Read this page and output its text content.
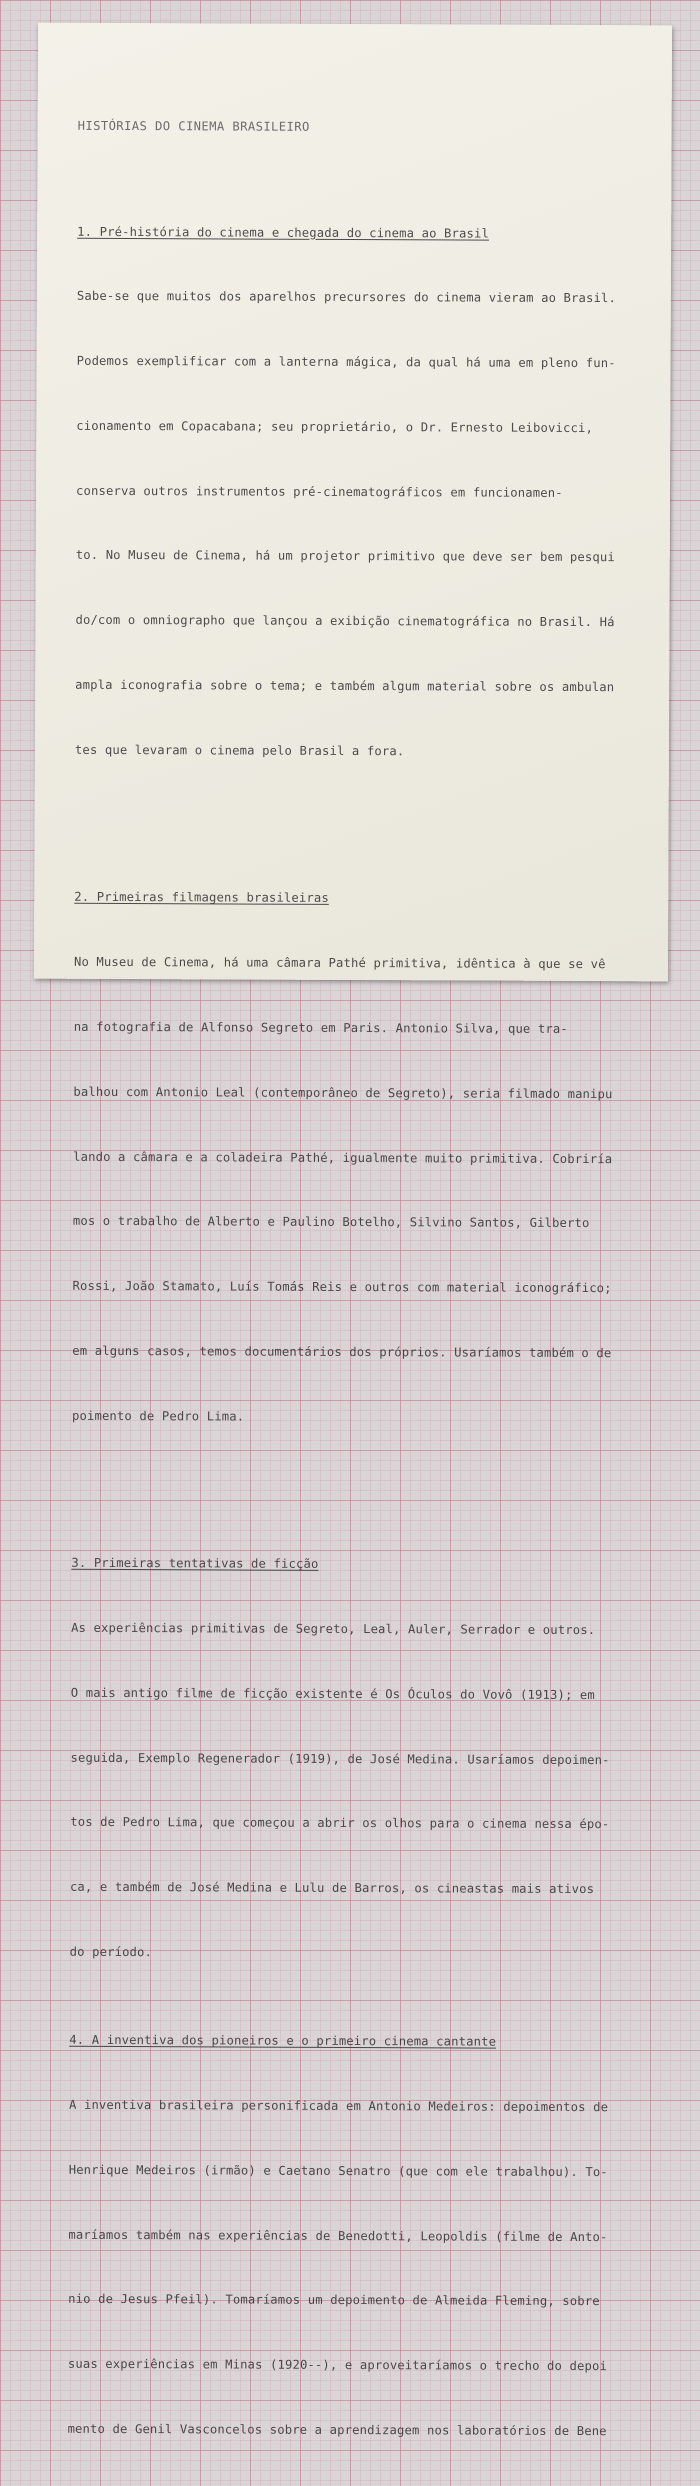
HISTÓRIAS DO CINEMA BRASILEIRO

1. Pré-história do cinema e chegada do cinema ao Brasil

Sabe-se que muitos dos aparelhos precursores do cinema vieram ao Brasil.

Podemos exemplificar com a lanterna mágica, da qual há uma em pleno fun-

cionamento em Copacabana; seu proprietário, o Dr. Ernesto Leibovicci,

conserva outros instrumentos pré-cinematográficos em funcionamen-

to. No Museu de Cinema, há um projetor primitivo que deve ser bem pesqui

do/com o omniographo que lançou a exibição cinematográfica no Brasil. Há

ampla iconografia sobre o tema; e também algum material sobre os ambulan

tes que levaram o cinema pelo Brasil a fora.

2. Primeiras filmagens brasileiras

No Museu de Cinema, há uma câmara Pathé primitiva, idêntica à que se vê

na fotografia de Alfonso Segreto em Paris. Antonio Silva, que tra-

balhou com Antonio Leal (contemporâneo de Segreto), seria filmado manipu

lando a câmara e a coladeira Pathé, igualmente muito primitiva. Cobriría

mos o trabalho de Alberto e Paulino Botelho, Silvino Santos, Gilberto

Rossi, João Stamato, Luís Tomás Reis e outros com material iconográfico;

em alguns casos, temos documentários dos próprios. Usaríamos também o de

poimento de Pedro Lima.

3. Primeiras tentativas de ficção

As experiências primitivas de Segreto, Leal, Auler, Serrador e outros.

O mais antigo filme de ficção existente é Os Óculos do Vovô (1913); em

seguida, Exemplo Regenerador (1919), de José Medina. Usaríamos depoimen-

tos de Pedro Lima, que começou a abrir os olhos para o cinema nessa épo-

ca, e também de José Medina e Lulu de Barros, os cineastas mais ativos

do período.

4. A inventiva dos pioneiros e o primeiro cinema cantante

A inventiva brasileira personificada em Antonio Medeiros: depoimentos de

Henrique Medeiros (irmão) e Caetano Senatro (que com ele trabalhou). To-

maríamos também nas experiências de Benedotti, Leopoldis (filme de Anto-

nio de Jesus Pfeil). Tomaríamos um depoimento de Almeida Fleming, sobre

suas experiências em Minas (1920--), e aproveitaríamos o trecho do depoi

mento de Genil Vasconcelos sobre a aprendizagem nos laboratórios de Bene
